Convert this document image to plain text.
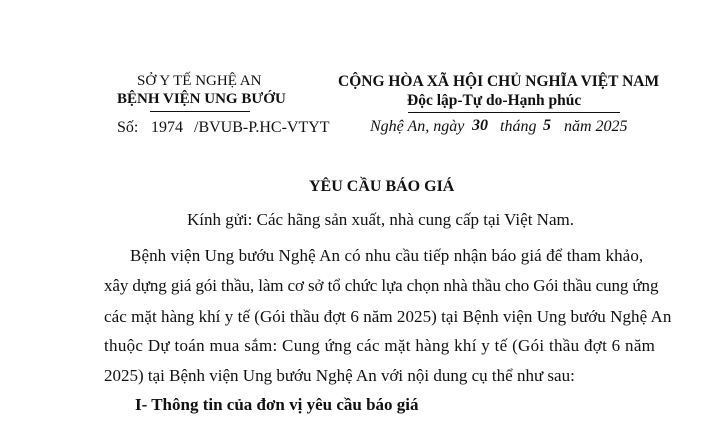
SỞ Y TẾ NGHỆ AN
BỆNH VIỆN UNG BƯỚU
Số: 1974 /BVUB-P.HC-VTYT
CỘNG HÒA XÃ HỘI CHỦ NGHĨA VIỆT NAM
Độc lập-Tự do-Hạnh phúc
Nghệ An, ngày 30 tháng 5 năm 2025
YÊU CẦU BÁO GIÁ
Kính gửi: Các hãng sản xuất, nhà cung cấp tại Việt Nam.
Bệnh viện Ung bướu Nghệ An có nhu cầu tiếp nhận báo giá để tham khảo,
xây dựng giá gói thầu, làm cơ sở tổ chức lựa chọn nhà thầu cho Gói thầu cung ứng
các mặt hàng khí y tế (Gói thầu đợt 6 năm 2025) tại Bệnh viện Ung bướu Nghệ An
thuộc Dự toán mua sắm: Cung ứng các mặt hàng khí y tế (Gói thầu đợt 6 năm
2025) tại Bệnh viện Ung bướu Nghệ An với nội dung cụ thể như sau:
I- Thông tin của đơn vị yêu cầu báo giá
